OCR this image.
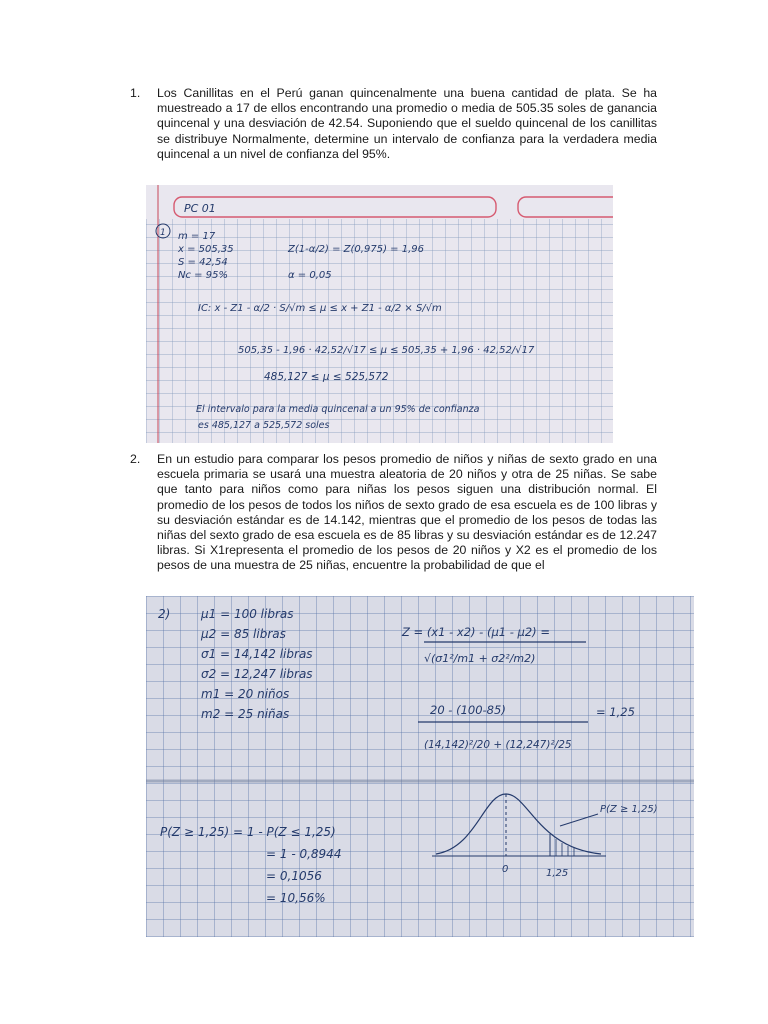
1. Los Canillitas en el Perú ganan quincenalmente una buena cantidad de plata. Se ha muestreado a 17 de ellos encontrando una promedio o media de 505.35 soles de ganancia quincenal y una desviación de 42.54. Suponiendo que el sueldo quincenal de los canillitas se distribuye Normalmente, determine un intervalo de confianza para la verdadera media quincenal a un nivel de confianza del 95%.
PC 01
1 m = 17
x = 505,35
S = 42,54
Nc = 95%
Z(1-α/2) = Z(0,975) = 1,96
α = 0,05
IC: x - Z1 - α/2 · S/√m ≤ μ ≤ x + Z1 - α/2 × S/√m
505,35 - 1,96 · 42,52/√17 ≤ μ ≤ 505,35 + 1,96 · 42,52/√17
485,127 ≤ μ ≤ 525,572
El intervalo para la media quincenal a un 95% de confianza
es 485,127 a 525,572 soles
2. En un estudio para comparar los pesos promedio de niños y niñas de sexto grado en una escuela primaria se usará una muestra aleatoria de 20 niños y otra de 25 niñas. Se sabe que tanto para niños como para niñas los pesos siguen una distribución normal. El promedio de los pesos de todos los niños de sexto grado de esa escuela es de 100 libras y su desviación estándar es de 14.142, mientras que el promedio de los pesos de todas las niñas del sexto grado de esa escuela es de 85 libras y su desviación estándar es de 12.247 libras. Si X1representa el promedio de los pesos de 20 niños y X2 es el promedio de los pesos de una muestra de 25 niñas, encuentre la probabilidad de que el
2)	μ1 = 100 libras
μ2 = 85 libras
σ1 = 14,142 libras
σ2 = 12,247 libras
m1 = 20 niños
m2 = 25 niñas
Z = (x1 - x2) - (μ1 - μ2) =
√(σ1²/m1 + σ2²/m2)
20 - (100-85)
(14,142)²/20 + (12,247)²/25
= 1,25
P(Z ≥ 1,25) = 1 - P(Z ≤ 1,25)
= 1 - 0,8944
= 0,1056
= 10,56%
P(Z ≥ 1,25)
0	1,25
